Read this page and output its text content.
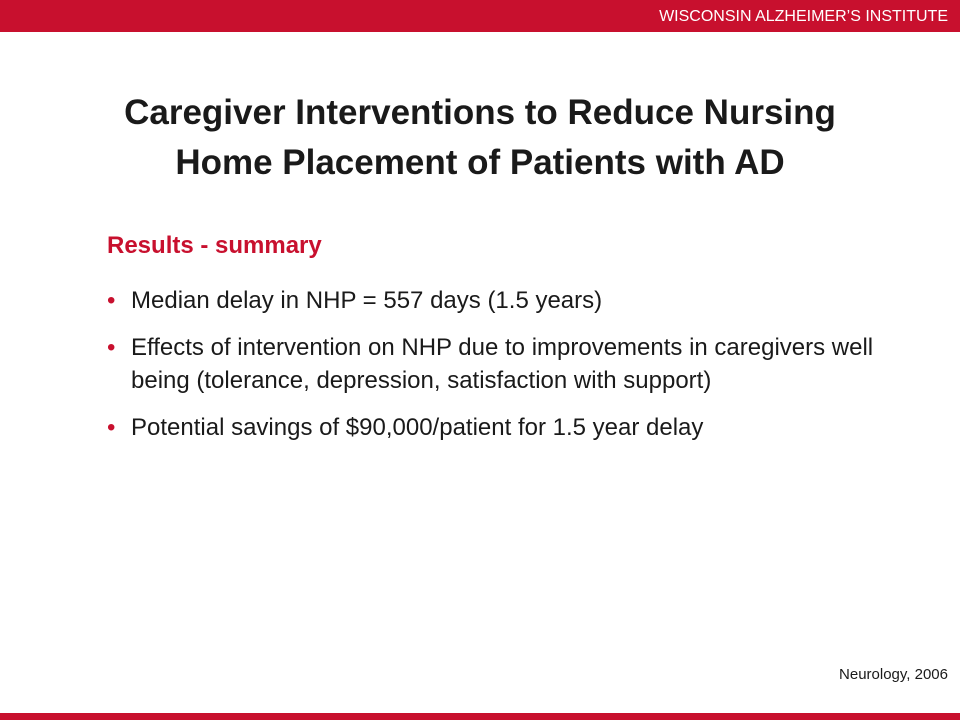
WISCONSIN ALZHEIMER’S INSTITUTE
Caregiver Interventions to Reduce Nursing
Home Placement of Patients with AD
Results - summary
• Median delay in NHP = 557 days (1.5 years)
• Effects of intervention on NHP due to improvements in caregivers well being (tolerance, depression, satisfaction with support)
• Potential savings of $90,000/patient for 1.5 year delay
Neurology, 2006
